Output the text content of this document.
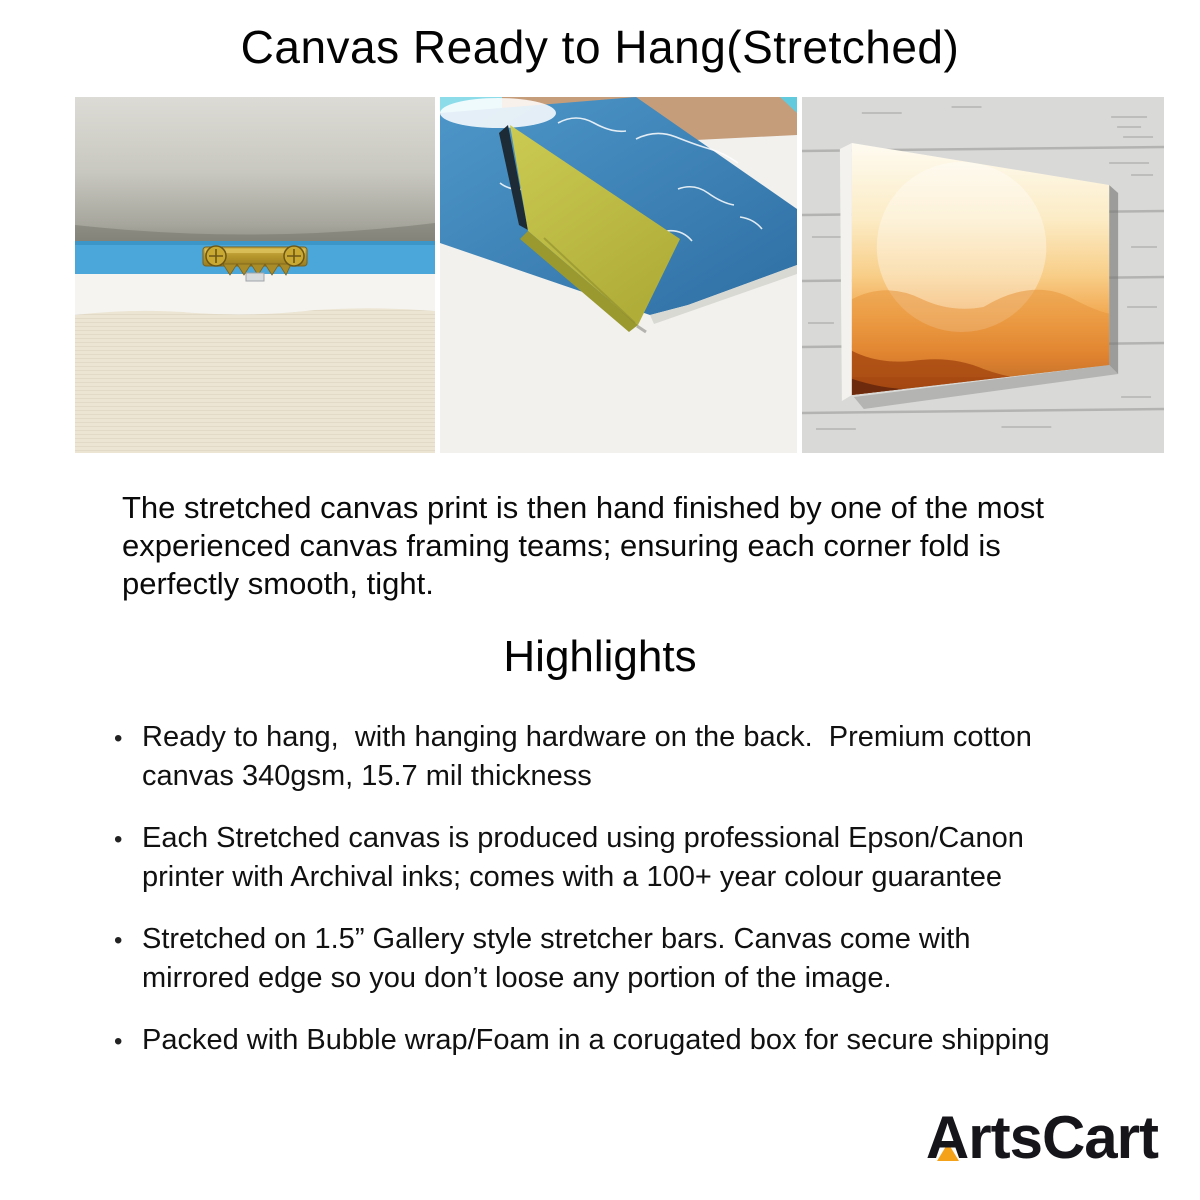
Canvas Ready to Hang(Stretched)

The stretched canvas print is then hand finished by one of the most experienced canvas framing teams; ensuring each corner fold is perfectly smooth, tight.

Highlights
• Ready to hang,  with hanging hardware on the back.  Premium cotton canvas 340gsm, 15.7 mil thickness
• Each Stretched canvas is produced using professional Epson/Canon printer with Archival inks; comes with a 100+ year colour guarantee
• Stretched on 1.5” Gallery style stretcher bars. Canvas come with mirrored edge so you don’t loose any portion of the image.
• Packed with Bubble wrap/Foam in a corugated box for secure shipping
ArtsCart
